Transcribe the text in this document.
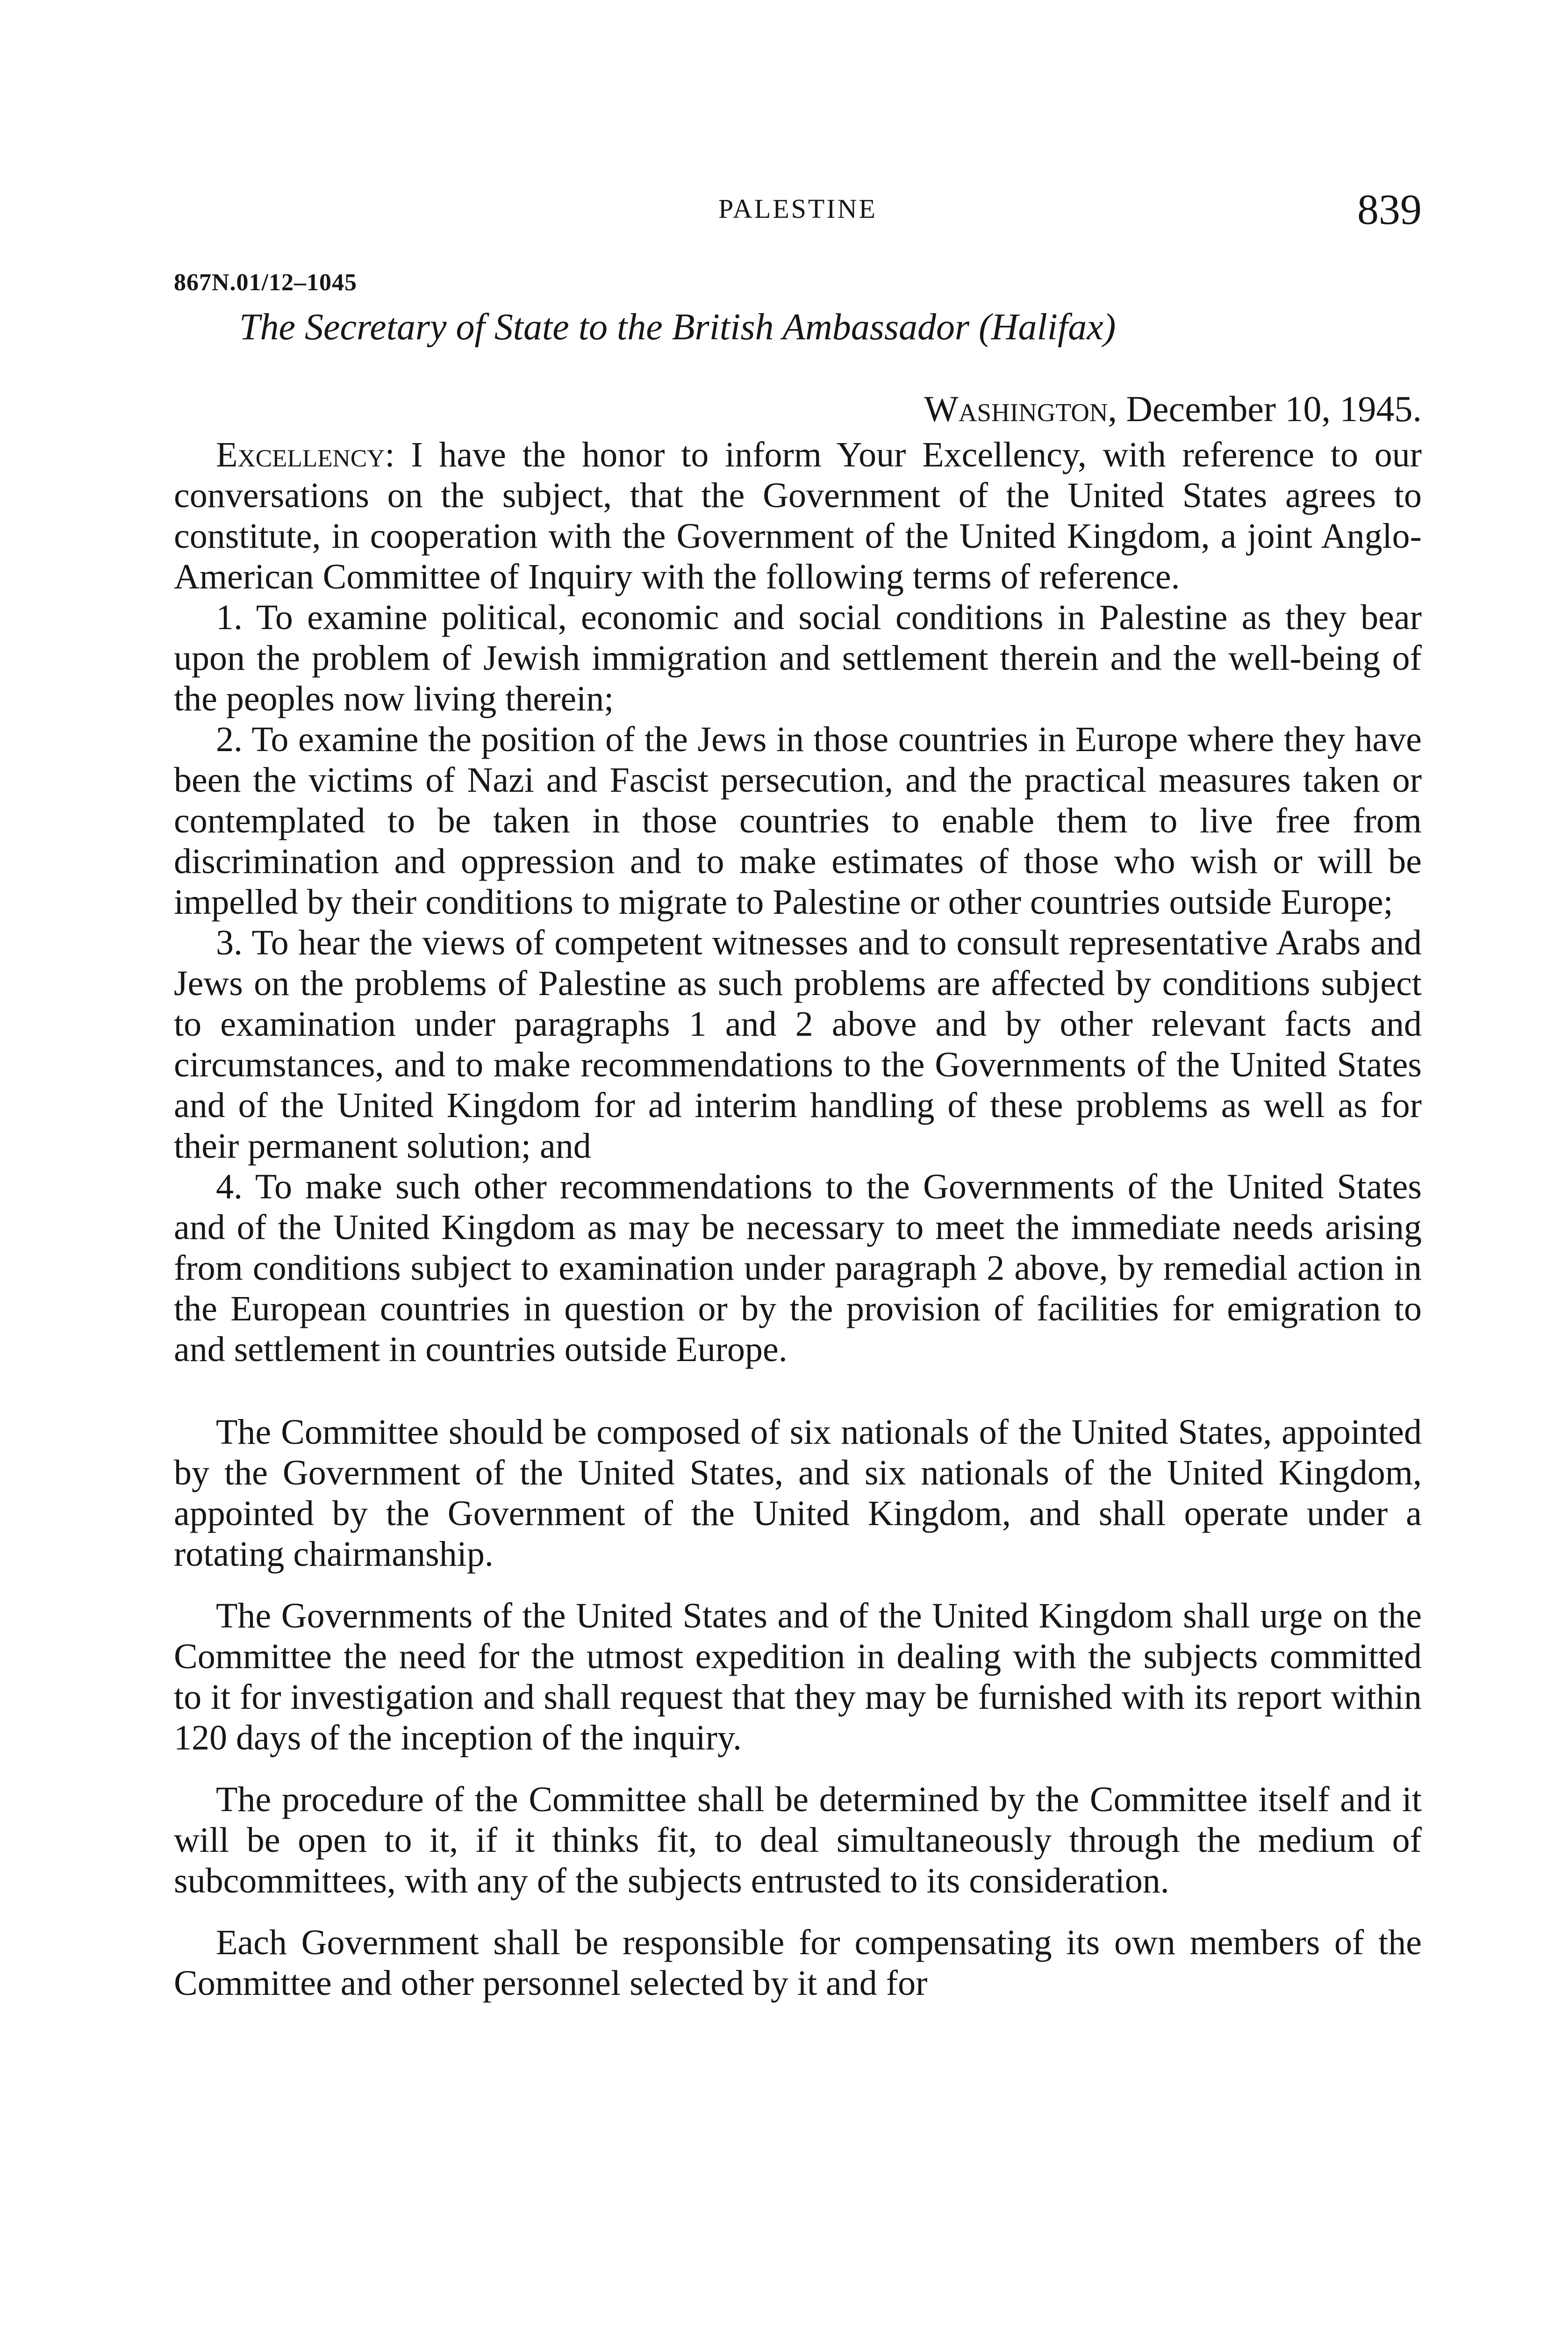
PALESTINE	839
867N.01/12–1045
The Secretary of State to the British Ambassador (Halifax)
Washington, December 10, 1945.

Excellency: I have the honor to inform Your Excellency, with reference to our conversations on the subject, that the Government of the United States agrees to constitute, in cooperation with the Government of the United Kingdom, a joint Anglo-American Committee of Inquiry with the following terms of reference.

1. To examine political, economic and social conditions in Palestine as they bear upon the problem of Jewish immigration and settlement therein and the well-being of the peoples now living therein;

2. To examine the position of the Jews in those countries in Europe where they have been the victims of Nazi and Fascist persecution, and the practical measures taken or contemplated to be taken in those countries to enable them to live free from discrimination and oppression and to make estimates of those who wish or will be impelled by their conditions to migrate to Palestine or other countries outside Europe;

3. To hear the views of competent witnesses and to consult representative Arabs and Jews on the problems of Palestine as such problems are affected by conditions subject to examination under paragraphs 1 and 2 above and by other relevant facts and circumstances, and to make recommendations to the Governments of the United States and of the United Kingdom for ad interim handling of these problems as well as for their permanent solution; and

4. To make such other recommendations to the Governments of the United States and of the United Kingdom as may be necessary to meet the immediate needs arising from conditions subject to examination under paragraph 2 above, by remedial action in the European countries in question or by the provision of facilities for emigration to and settlement in countries outside Europe.

The Committee should be composed of six nationals of the United States, appointed by the Government of the United States, and six nationals of the United Kingdom, appointed by the Government of the United Kingdom, and shall operate under a rotating chairmanship.

The Governments of the United States and of the United Kingdom shall urge on the Committee the need for the utmost expedition in dealing with the subjects committed to it for investigation and shall request that they may be furnished with its report within 120 days of the inception of the inquiry.

The procedure of the Committee shall be determined by the Committee itself and it will be open to it, if it thinks fit, to deal simultaneously through the medium of subcommittees, with any of the subjects entrusted to its consideration.

Each Government shall be responsible for compensating its own members of the Committee and other personnel selected by it and for
